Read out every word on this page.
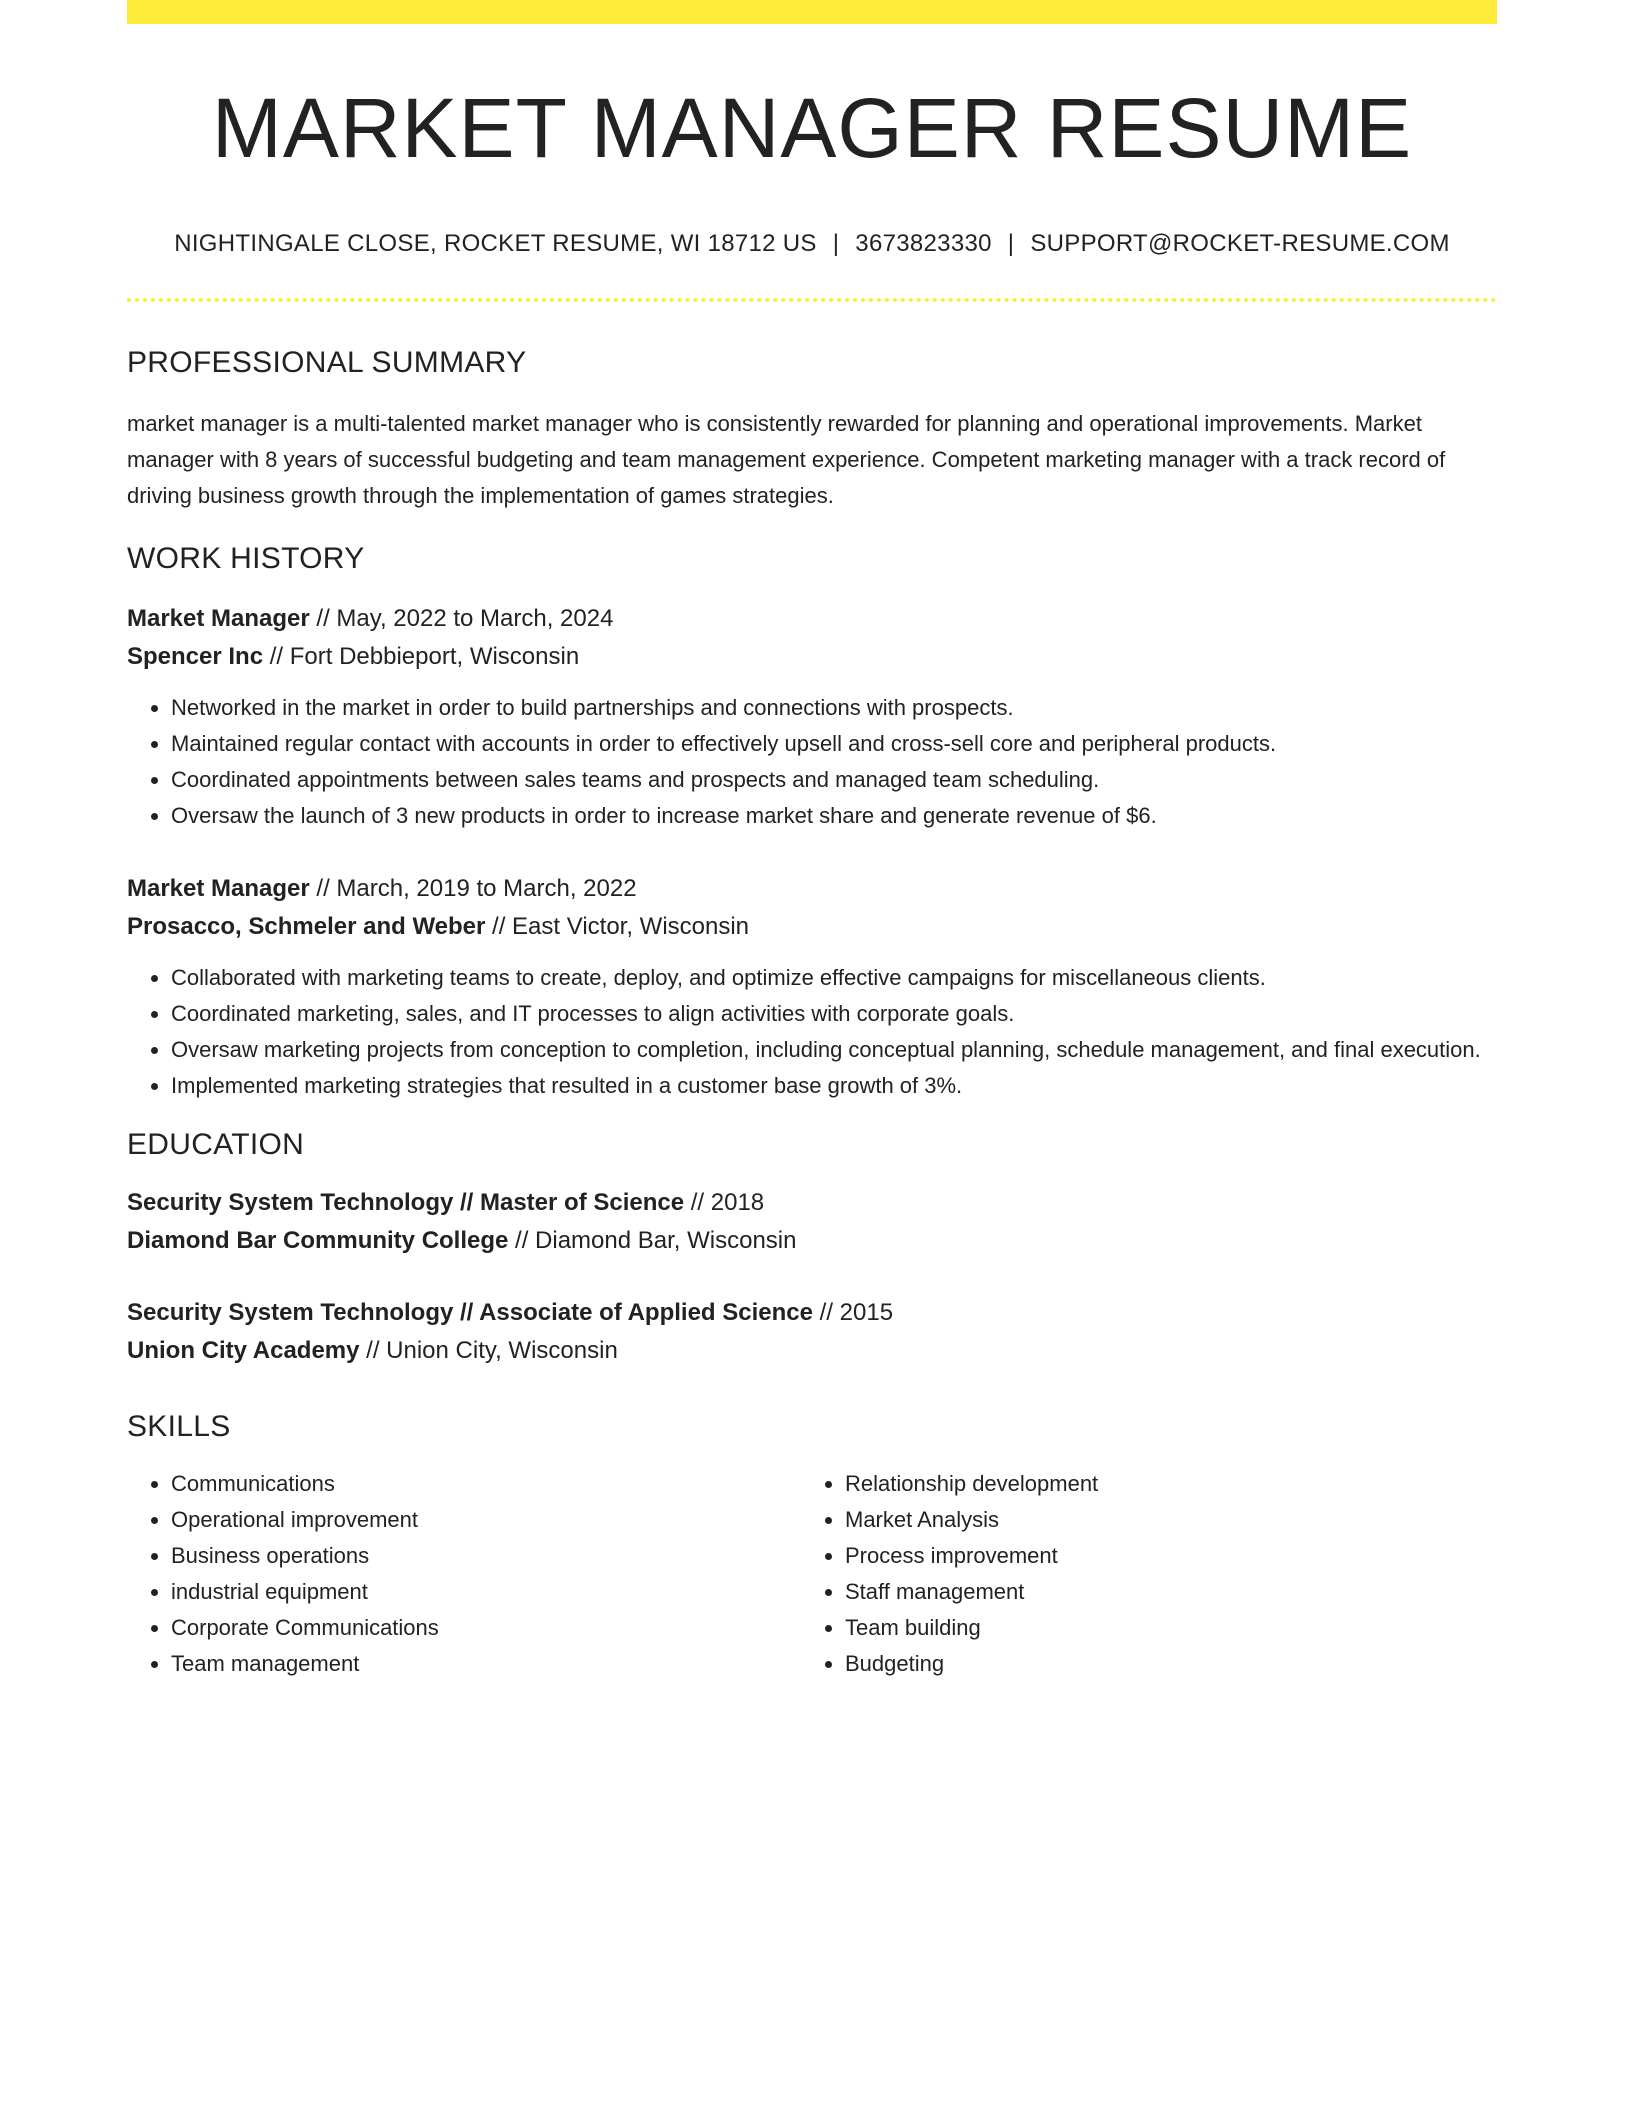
MARKET MANAGER RESUME
NIGHTINGALE CLOSE, ROCKET RESUME, WI 18712 US | 3673823330 | SUPPORT@ROCKET-RESUME.COM
PROFESSIONAL SUMMARY
market manager is a multi-talented market manager who is consistently rewarded for planning and operational improvements. Market manager with 8 years of successful budgeting and team management experience. Competent marketing manager with a track record of driving business growth through the implementation of games strategies.
WORK HISTORY
Market Manager // May, 2022 to March, 2024
Spencer Inc // Fort Debbieport, Wisconsin
• Networked in the market in order to build partnerships and connections with prospects.
• Maintained regular contact with accounts in order to effectively upsell and cross-sell core and peripheral products.
• Coordinated appointments between sales teams and prospects and managed team scheduling.
• Oversaw the launch of 3 new products in order to increase market share and generate revenue of $6.
Market Manager // March, 2019 to March, 2022
Prosacco, Schmeler and Weber // East Victor, Wisconsin
• Collaborated with marketing teams to create, deploy, and optimize effective campaigns for miscellaneous clients.
• Coordinated marketing, sales, and IT processes to align activities with corporate goals.
• Oversaw marketing projects from conception to completion, including conceptual planning, schedule management, and final execution.
• Implemented marketing strategies that resulted in a customer base growth of 3%.
EDUCATION
Security System Technology // Master of Science // 2018
Diamond Bar Community College // Diamond Bar, Wisconsin
Security System Technology // Associate of Applied Science // 2015
Union City Academy // Union City, Wisconsin
SKILLS
• Communications
• Operational improvement
• Business operations
• industrial equipment
• Corporate Communications
• Team management
• Relationship development
• Market Analysis
• Process improvement
• Staff management
• Team building
• Budgeting
